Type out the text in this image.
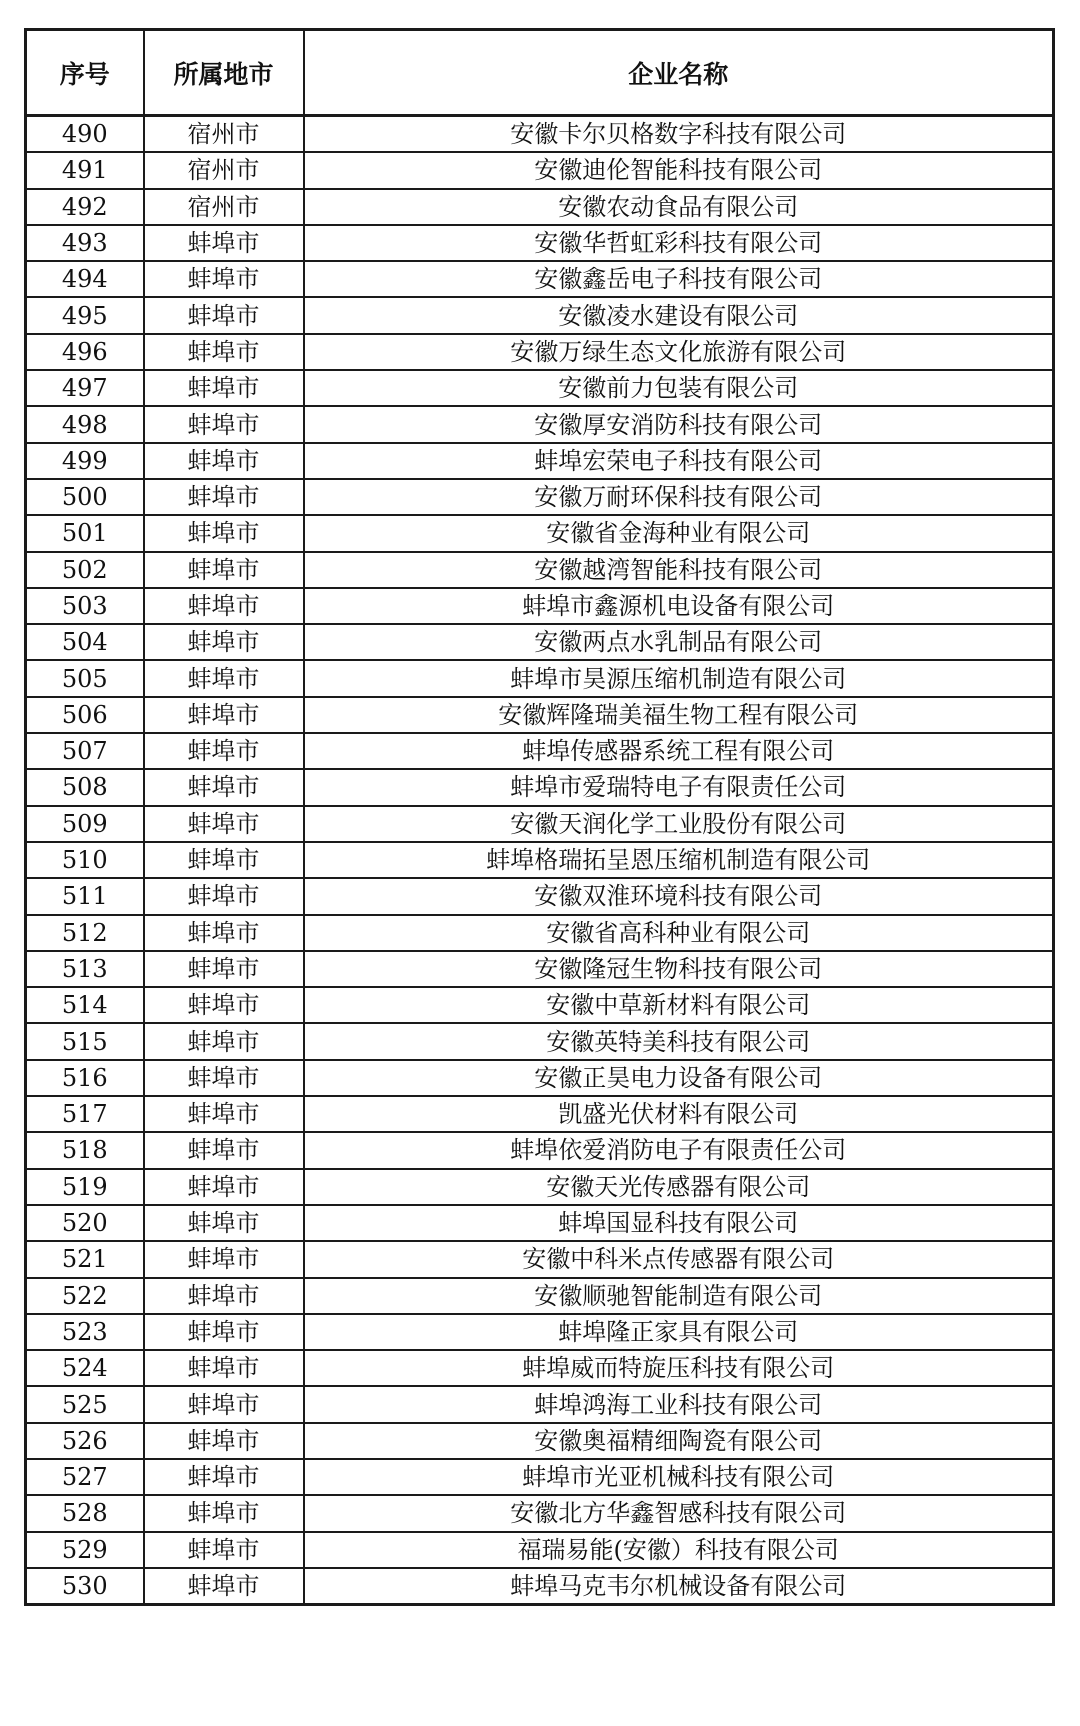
序号	所属地市	企业名称
490	宿州市	安徽卡尔贝格数字科技有限公司
491	宿州市	安徽迪伦智能科技有限公司
492	宿州市	安徽农动食品有限公司
493	蚌埠市	安徽华哲虹彩科技有限公司
494	蚌埠市	安徽鑫岳电子科技有限公司
495	蚌埠市	安徽凌水建设有限公司
496	蚌埠市	安徽万绿生态文化旅游有限公司
497	蚌埠市	安徽前力包装有限公司
498	蚌埠市	安徽厚安消防科技有限公司
499	蚌埠市	蚌埠宏荣电子科技有限公司
500	蚌埠市	安徽万耐环保科技有限公司
501	蚌埠市	安徽省金海种业有限公司
502	蚌埠市	安徽越湾智能科技有限公司
503	蚌埠市	蚌埠市鑫源机电设备有限公司
504	蚌埠市	安徽两点水乳制品有限公司
505	蚌埠市	蚌埠市昊源压缩机制造有限公司
506	蚌埠市	安徽辉隆瑞美福生物工程有限公司
507	蚌埠市	蚌埠传感器系统工程有限公司
508	蚌埠市	蚌埠市爱瑞特电子有限责任公司
509	蚌埠市	安徽天润化学工业股份有限公司
510	蚌埠市	蚌埠格瑞拓呈恩压缩机制造有限公司
511	蚌埠市	安徽双淮环境科技有限公司
512	蚌埠市	安徽省高科种业有限公司
513	蚌埠市	安徽隆冠生物科技有限公司
514	蚌埠市	安徽中草新材料有限公司
515	蚌埠市	安徽英特美科技有限公司
516	蚌埠市	安徽正昊电力设备有限公司
517	蚌埠市	凯盛光伏材料有限公司
518	蚌埠市	蚌埠依爱消防电子有限责任公司
519	蚌埠市	安徽天光传感器有限公司
520	蚌埠市	蚌埠国显科技有限公司
521	蚌埠市	安徽中科米点传感器有限公司
522	蚌埠市	安徽顺驰智能制造有限公司
523	蚌埠市	蚌埠隆正家具有限公司
524	蚌埠市	蚌埠威而特旋压科技有限公司
525	蚌埠市	蚌埠鸿海工业科技有限公司
526	蚌埠市	安徽奥福精细陶瓷有限公司
527	蚌埠市	蚌埠市光亚机械科技有限公司
528	蚌埠市	安徽北方华鑫智感科技有限公司
529	蚌埠市	福瑞易能(安徽）科技有限公司
530	蚌埠市	蚌埠马克韦尔机械设备有限公司
